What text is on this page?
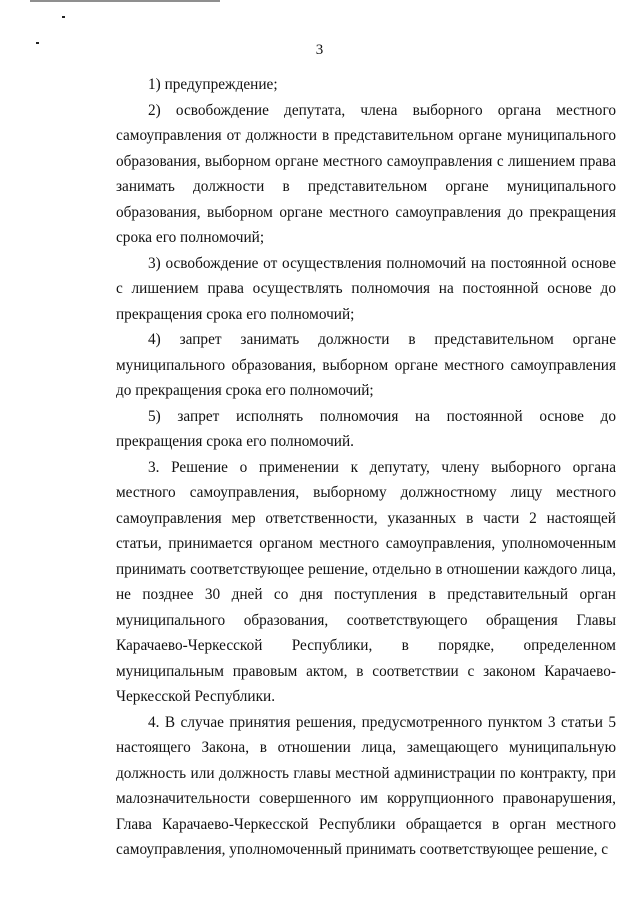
3

1) предупреждение;

2) освобождение депутата, члена выборного органа местного самоуправления от должности в представительном органе муниципального образования, выборном органе местного самоуправления с лишением права занимать должности в представительном органе муниципального образования, выборном органе местного самоуправления до прекращения срока его полномочий;

3) освобождение от осуществления полномочий на постоянной основе с лишением права осуществлять полномочия на постоянной основе до прекращения срока его полномочий;

4) запрет занимать должности в представительном органе муниципального образования, выборном органе местного самоуправления до прекращения срока его полномочий;

5) запрет исполнять полномочия на постоянной основе до прекращения срока его полномочий.

3. Решение о применении к депутату, члену выборного органа местного самоуправления, выборному должностному лицу местного самоуправления мер ответственности, указанных в части 2 настоящей статьи, принимается органом местного самоуправления, уполномоченным принимать соответствующее решение, отдельно в отношении каждого лица, не позднее 30 дней со дня поступления в представительный орган муниципального образования, соответствующего обращения Главы Карачаево-Черкесской Республики, в порядке, определенном муниципальным правовым актом, в соответствии с законом Карачаево-Черкесской Республики.

4. В случае принятия решения, предусмотренного пунктом 3 статьи 5 настоящего Закона, в отношении лица, замещающего муниципальную должность или должность главы местной администрации по контракту, при малозначительности совершенного им коррупционного правонарушения, Глава Карачаево-Черкесской Республики обращается в орган местного самоуправления, уполномоченный принимать соответствующее решение, с
